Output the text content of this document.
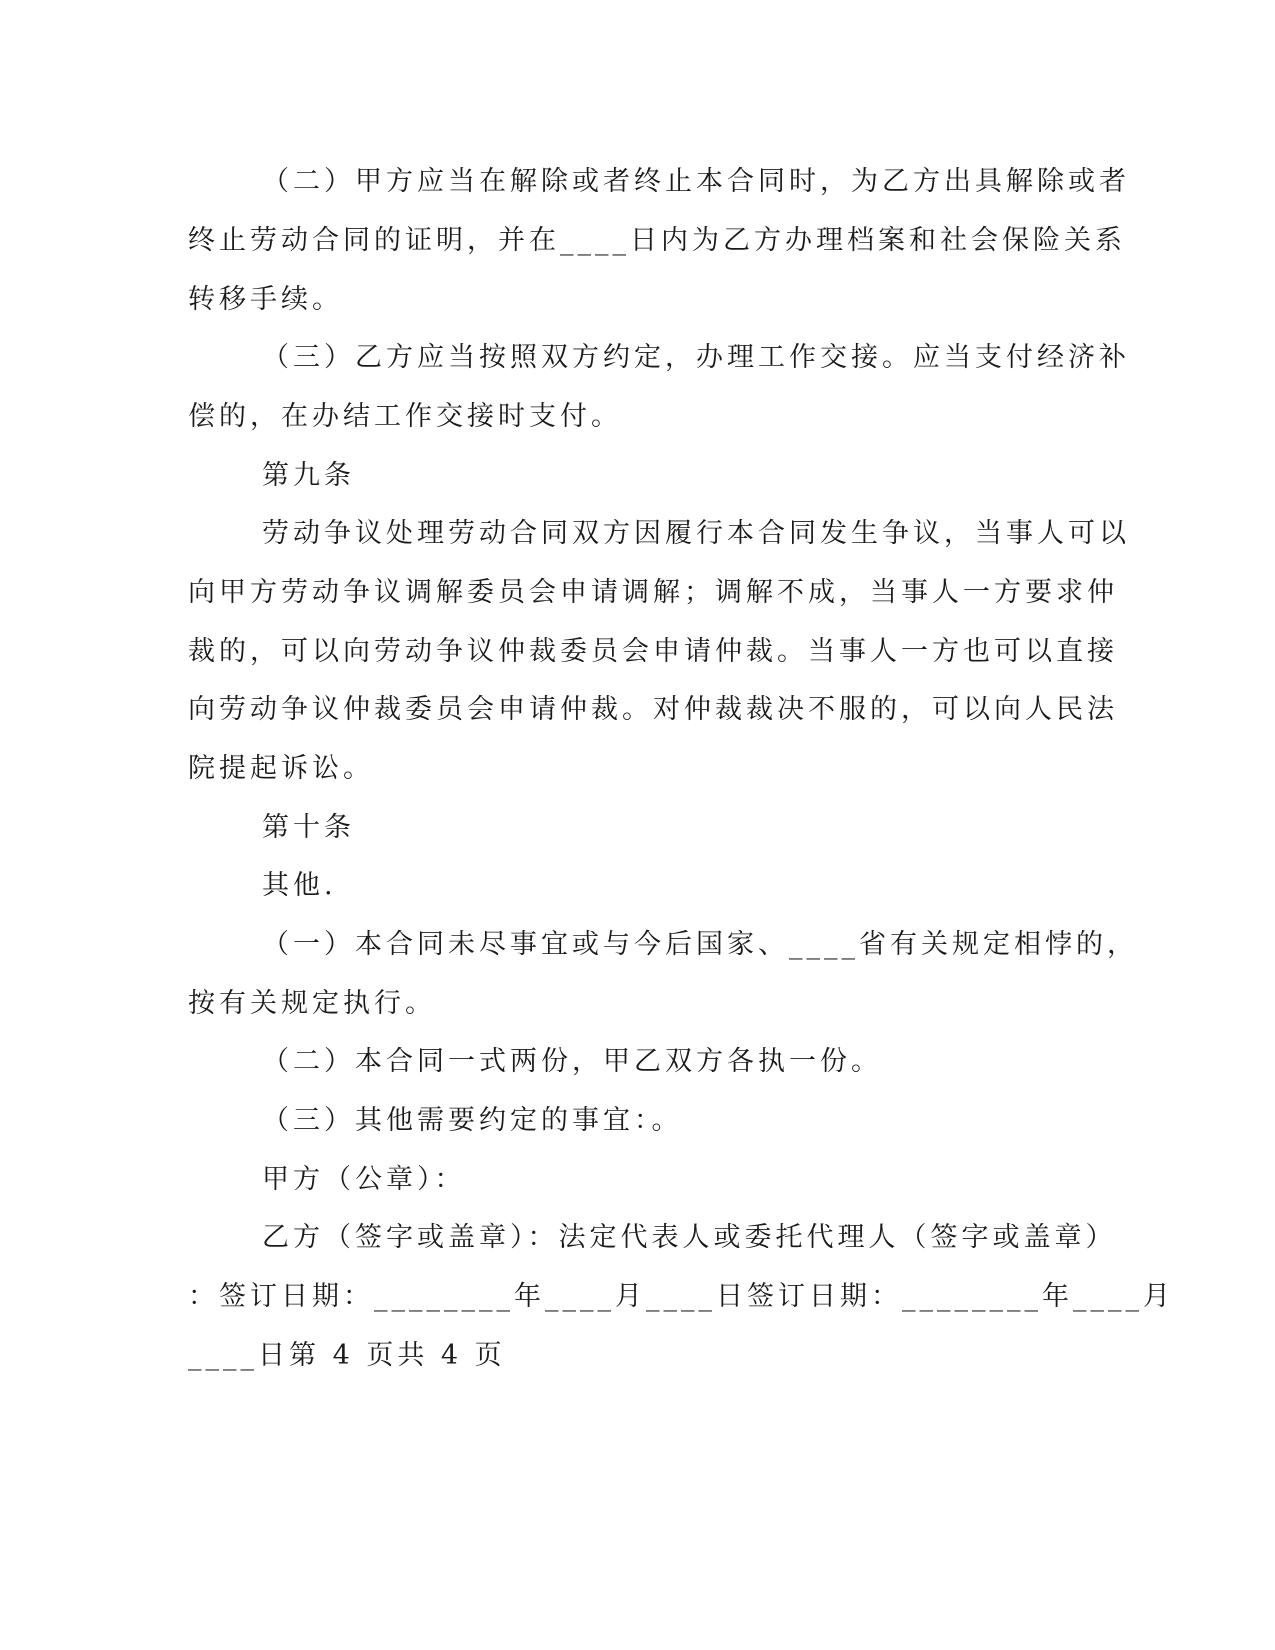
（二）甲方应当在解除或者终止本合同时，为乙方出具解除或者
终止劳动合同的证明，并在____日内为乙方办理档案和社会保险关系
转移手续。
（三）乙方应当按照双方约定，办理工作交接。应当支付经济补
偿的，在办结工作交接时支付。
第九条
劳动争议处理劳动合同双方因履行本合同发生争议，当事人可以
向甲方劳动争议调解委员会申请调解；调解不成，当事人一方要求仲
裁的，可以向劳动争议仲裁委员会申请仲裁。当事人一方也可以直接
向劳动争议仲裁委员会申请仲裁。对仲裁裁决不服的，可以向人民法
院提起诉讼。
第十条
其他.
（一）本合同未尽事宜或与今后国家、____省有关规定相悖的，
按有关规定执行。
（二）本合同一式两份，甲乙双方各执一份。
（三）其他需要约定的事宜：。
甲方（公章）：
乙方（签字或盖章）：法定代表人或委托代理人（签字或盖章）
：签订日期：________年____月____日签订日期：________年____月
____日第 4 页共 4 页
